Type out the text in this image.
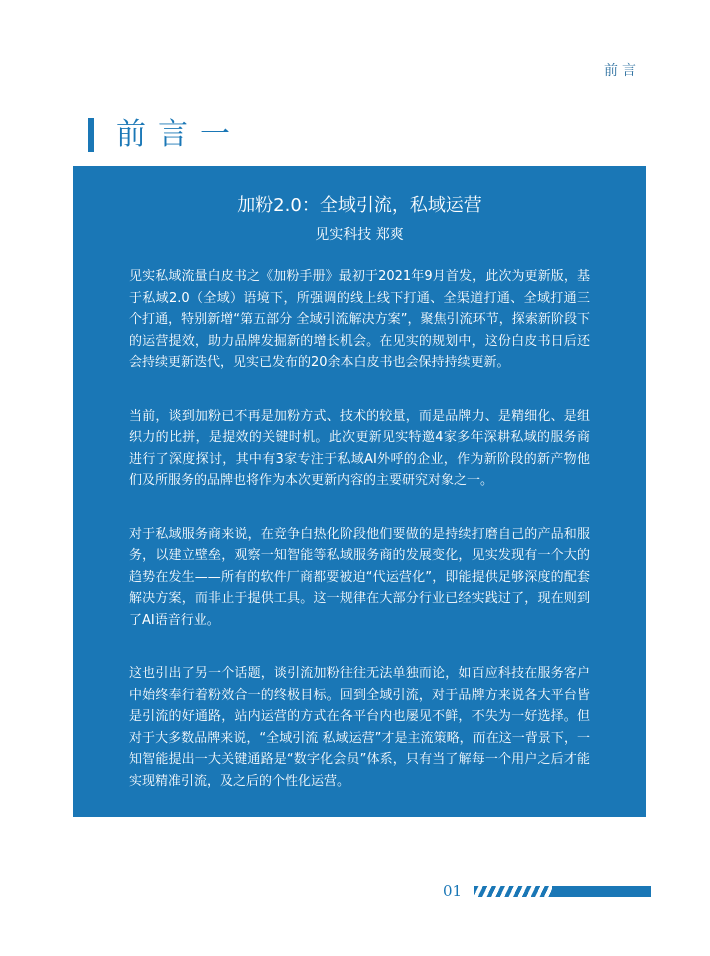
前言
前言一

加粉2.0：全域引流，私域运营

见实科技 郑爽

见实私域流量白皮书之《加粉手册》最初于2021年9月首发，此次为更新版，基于私域2.0（全域）语境下，所强调的线上线下打通、全渠道打通、全域打通三个打通，特别新增“第五部分 全域引流解决方案”，聚焦引流环节，探索新阶段下的运营提效，助力品牌发掘新的增长机会。在见实的规划中，这份白皮书日后还会持续更新迭代，见实已发布的20余本白皮书也会保持持续更新。

当前，谈到加粉已不再是加粉方式、技术的较量，而是品牌力、是精细化、是组织力的比拼，是提效的关键时机。此次更新见实特邀4家多年深耕私域的服务商进行了深度探讨，其中有3家专注于私域AI外呼的企业，作为新阶段的新产物他们及所服务的品牌也将作为本次更新内容的主要研究对象之一。

对于私域服务商来说，在竞争白热化阶段他们要做的是持续打磨自己的产品和服务，以建立壁垒，观察一知智能等私域服务商的发展变化，见实发现有一个大的趋势在发生——所有的软件厂商都要被迫“代运营化”，即能提供足够深度的配套解决方案，而非止于提供工具。这一规律在大部分行业已经实践过了，现在则到了AI语音行业。

这也引出了另一个话题，谈引流加粉往往无法单独而论，如百应科技在服务客户中始终奉行着粉效合一的终极目标。回到全域引流，对于品牌方来说各大平台皆是引流的好通路，站内运营的方式在各平台内也屡见不鲜，不失为一好选择。但对于大多数品牌来说，“全域引流 私域运营”才是主流策略，而在这一背景下，一知智能提出一大关键通路是“数字化会员”体系，只有当了解每一个用户之后才能实现精准引流，及之后的个性化运营。

01
